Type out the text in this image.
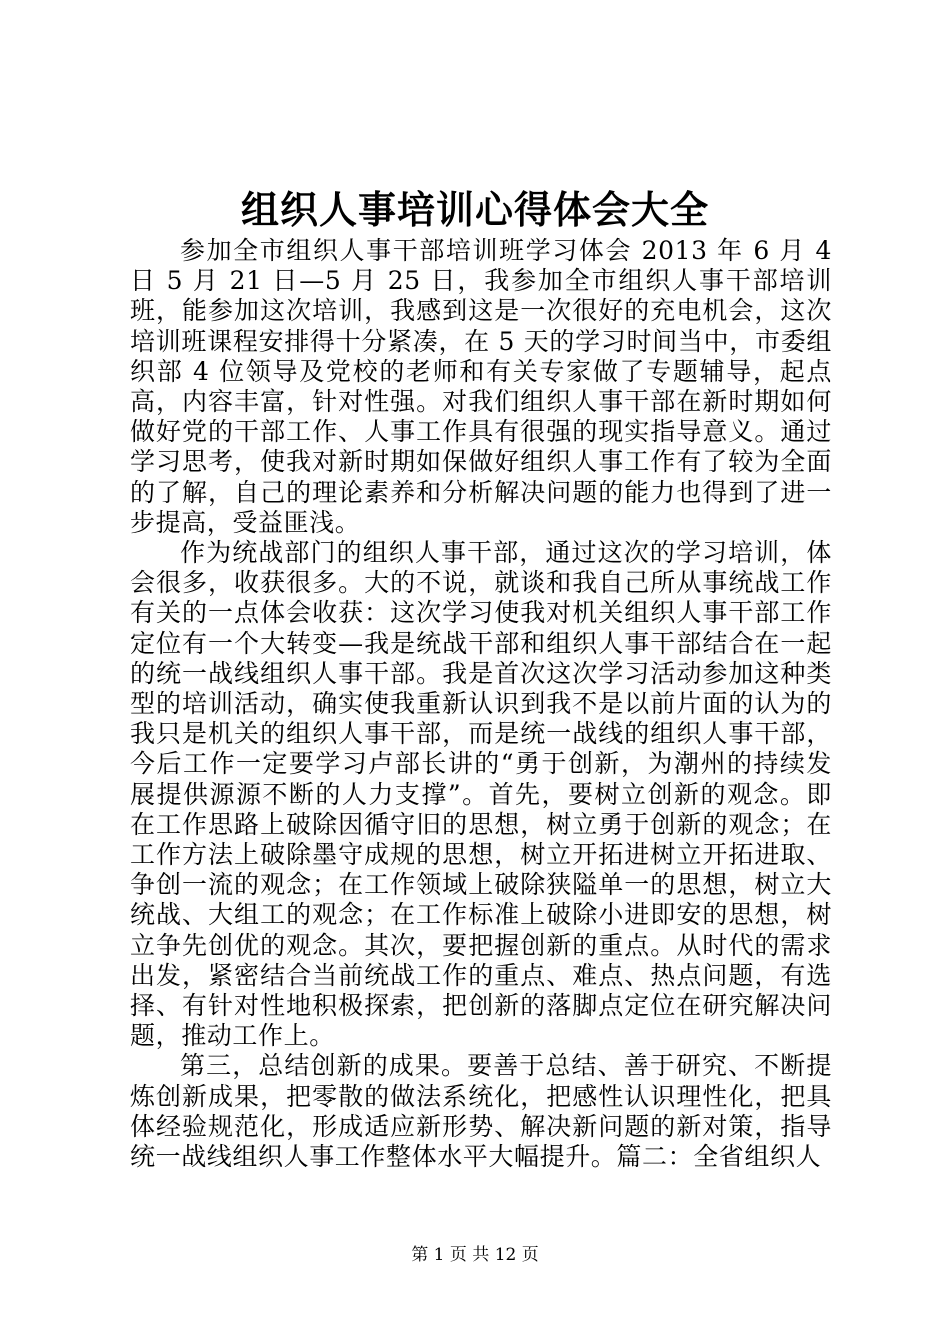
组织人事培训心得体会大全

参加全市组织人事干部培训班学习体会 2013 年 6 月 4 日 5 月 21 日—5 月 25 日，我参加全市组织人事干部培训班，能参加这次培训，我感到这是一次很好的充电机会，这次培训班课程安排得十分紧凑，在 5 天的学习时间当中，市委组织部 4 位领导及党校的老师和有关专家做了专题辅导，起点高，内容丰富，针对性强。对我们组织人事干部在新时期如何做好党的干部工作、人事工作具有很强的现实指导意义。通过学习思考，使我对新时期如保做好组织人事工作有了较为全面的了解，自己的理论素养和分析解决问题的能力也得到了进一步提高，受益匪浅。

作为统战部门的组织人事干部，通过这次的学习培训，体会很多，收获很多。大的不说，就谈和我自己所从事统战工作有关的一点体会收获：这次学习使我对机关组织人事干部工作定位有一个大转变—我是统战干部和组织人事干部结合在一起的统一战线组织人事干部。我是首次这次学习活动参加这种类型的培训活动，确实使我重新认识到我不是以前片面的认为的我只是机关的组织人事干部，而是统一战线的组织人事干部，今后工作一定要学习卢部长讲的“勇于创新，为潮州的持续发展提供源源不断的人力支撑”。首先，要树立创新的观念。即在工作思路上破除因循守旧的思想，树立勇于创新的观念；在工作方法上破除墨守成规的思想，树立开拓进树立开拓进取、争创一流的观念；在工作领域上破除狭隘单一的思想，树立大统战、大组工的观念；在工作标准上破除小进即安的思想，树立争先创优的观念。其次，要把握创新的重点。从时代的需求出发，紧密结合当前统战工作的重点、难点、热点问题，有选择、有针对性地积极探索，把创新的落脚点定位在研究解决问题，推动工作上。

第三，总结创新的成果。要善于总结、善于研究、不断提炼创新成果，把零散的做法系统化，把感性认识理性化，把具体经验规范化，形成适应新形势、解决新问题的新对策，指导统一战线组织人事工作整体水平大幅提升。篇二：全省组织人

第 1 页 共 12 页
